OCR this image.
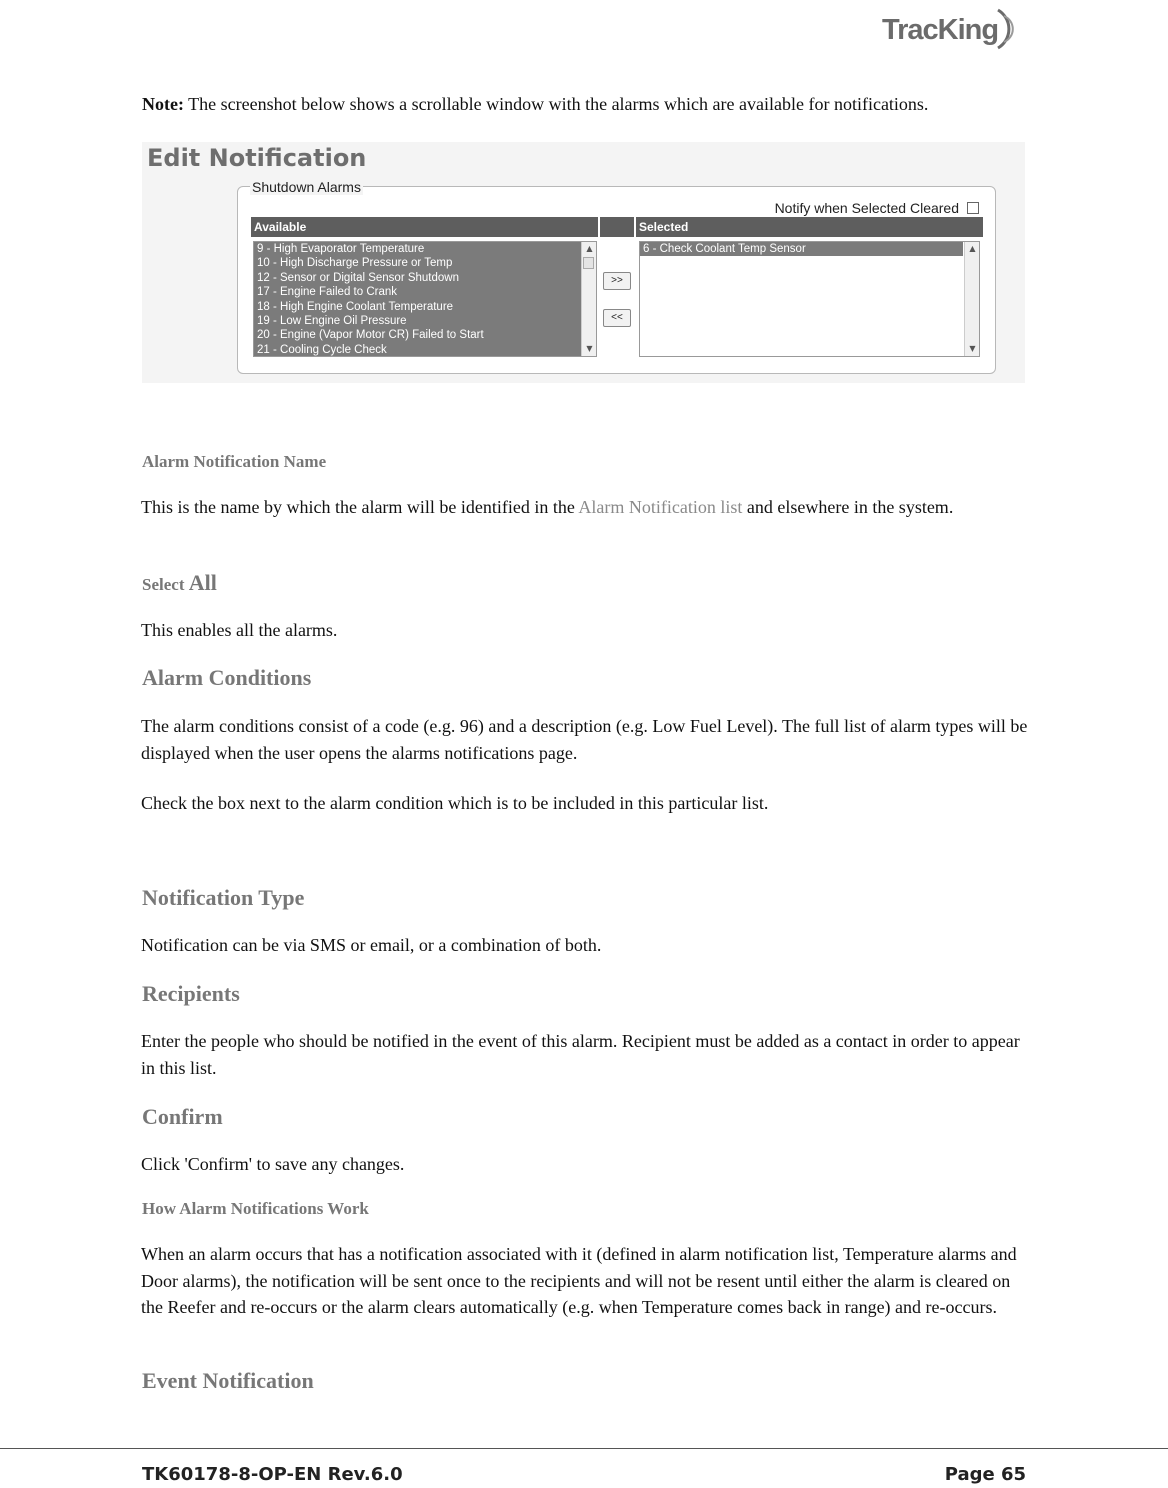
TracKing
Note: The screenshot below shows a scrollable window with the alarms which are available for notifications.
Edit Notification
Shutdown Alarms
Notify when Selected Cleared
Available	Selected
9 - High Evaporator Temperature
10 - High Discharge Pressure or Temp
12 - Sensor or Digital Sensor Shutdown
17 - Engine Failed to Crank
18 - High Engine Coolant Temperature
19 - Low Engine Oil Pressure
20 - Engine (Vapor Motor CR) Failed to Start
21 - Cooling Cycle Check
▲
▼
>>
<<
6 - Check Coolant Temp Sensor	▲
▼
Alarm Notification Name

This is the name by which the alarm will be identified in the Alarm Notification list and elsewhere in the system.

Select All

This enables all the alarms.

Alarm Conditions

The alarm conditions consist of a code (e.g. 96) and a description (e.g. Low Fuel Level). The full list of alarm types will be displayed when the user opens the alarms notifications page.

Check the box next to the alarm condition which is to be included in this particular list.

Notification Type

Notification can be via SMS or email, or a combination of both.

Recipients

Enter the people who should be notified in the event of this alarm. Recipient must be added as a contact in order to appear in this list.

Confirm

Click 'Confirm' to save any changes.

How Alarm Notifications Work

When an alarm occurs that has a notification associated with it (defined in alarm notification list, Temperature alarms and Door alarms), the notification will be sent once to the recipients and will not be resent until either the alarm is cleared on the Reefer and re-occurs or the alarm clears automatically (e.g. when Temperature comes back in range) and re-occurs.

Event Notification
TK60178-8-OP-EN Rev.6.0	Page 65
